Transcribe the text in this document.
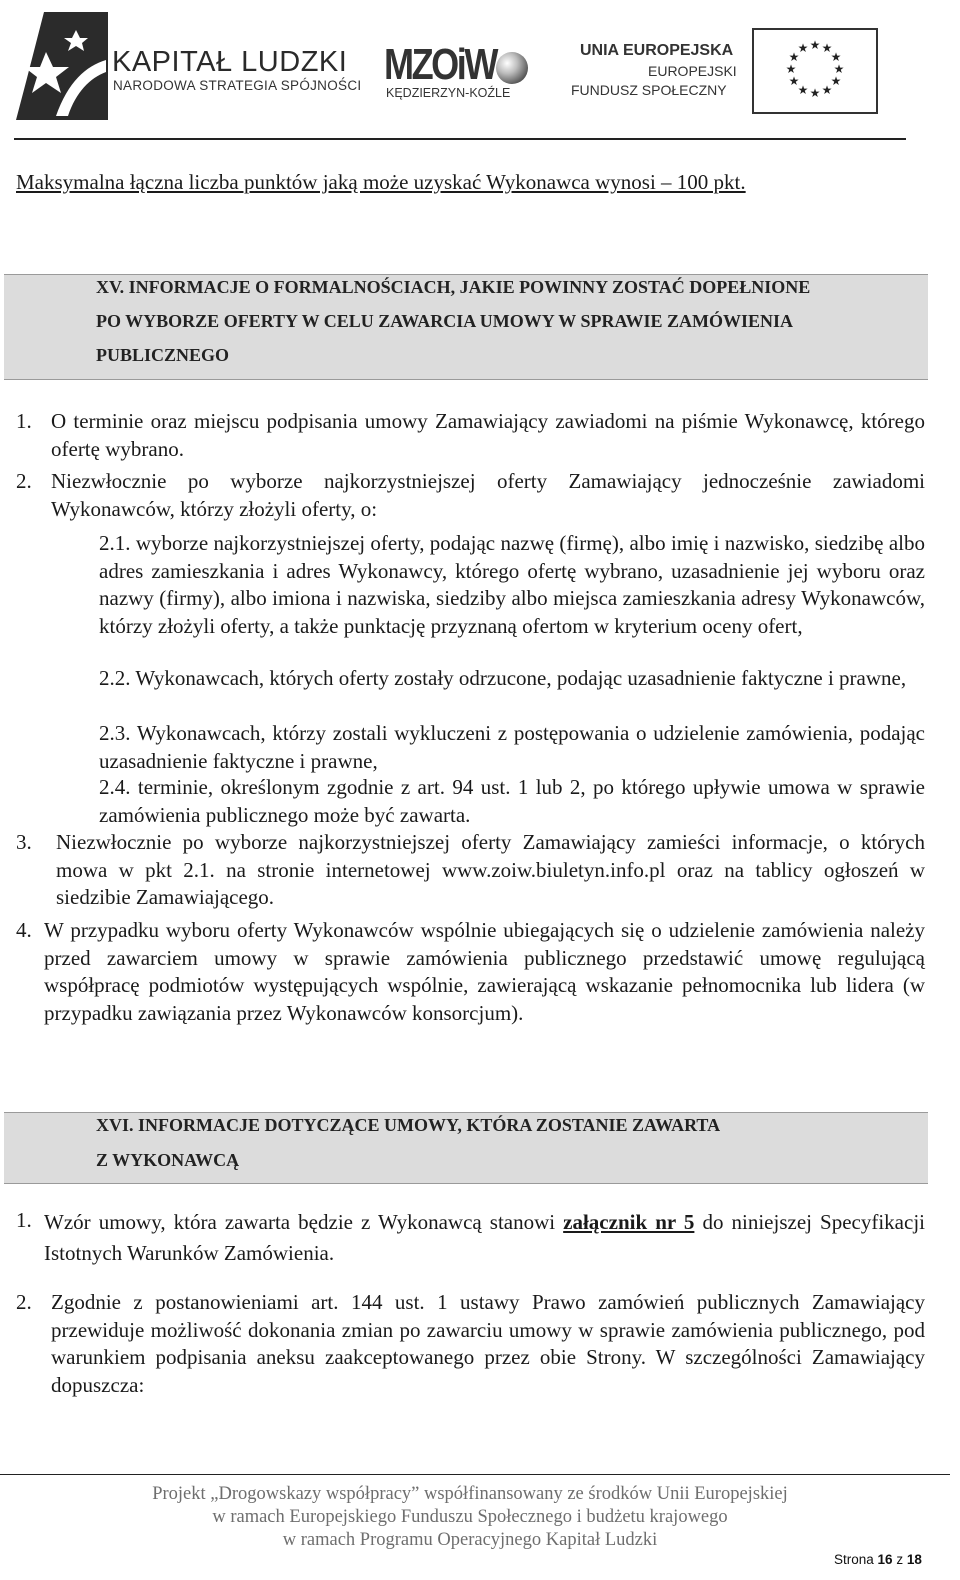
KAPITAŁ LUDZKI
NARODOWA STRATEGIA SPÓJNOŚCI MZOiW
KĘDZIERZYN-KOŹLE
UNIA EUROPEJSKA
EUROPEJSKI
FUNDUSZ SPOŁECZNY
★ ★
★
★
★
★
★
★
★
★
★
★
Maksymalna łączna liczba punktów jaką może uzyskać Wykonawca wynosi – 100 pkt.
XV. INFORMACJE O FORMALNOŚCIACH, JAKIE POWINNY ZOSTAĆ DOPEŁNIONE
PO WYBORZE OFERTY W CELU ZAWARCIA UMOWY W SPRAWIE ZAMÓWIENIA
PUBLICZNEGO
1. O terminie oraz miejscu podpisania umowy Zamawiający zawiadomi na piśmie Wykonawcę, którego ofertę wybrano.
2. Niezwłocznie po wyborze najkorzystniejszej oferty Zamawiający jednocześnie zawiadomi Wykonawców, którzy złożyli oferty, o:
2.1. wyborze najkorzystniejszej oferty, podając nazwę (firmę), albo imię i nazwisko, siedzibę albo adres zamieszkania i adres Wykonawcy, którego ofertę wybrano, uzasadnienie jej wyboru oraz nazwy (firmy), albo imiona i nazwiska, siedziby albo miejsca zamieszkania adresy Wykonawców, którzy złożyli oferty, a także punktację przyznaną ofertom w kryterium oceny ofert,
2.2. Wykonawcach, których oferty zostały odrzucone, podając uzasadnienie faktyczne i prawne,
2.3. Wykonawcach, którzy zostali wykluczeni z postępowania o udzielenie zamówienia, podając uzasadnienie faktyczne i prawne,
2.4. terminie, określonym zgodnie z art. 94 ust. 1 lub 2, po którego upływie umowa w sprawie zamówienia publicznego może być zawarta.
3. Niezwłocznie po wyborze najkorzystniejszej oferty Zamawiający zamieści informacje, o których mowa w pkt 2.1. na stronie internetowej www.zoiw.biuletyn.info.pl oraz na tablicy ogłoszeń w siedzibie Zamawiającego.
4. W przypadku wyboru oferty Wykonawców wspólnie ubiegających się o udzielenie zamówienia należy przed zawarciem umowy w sprawie zamówienia publicznego przedstawić umowę regulującą współpracę podmiotów występujących wspólnie, zawierającą wskazanie pełnomocnika lub lidera (w przypadku zawiązania przez Wykonawców konsorcjum).
XVI. INFORMACJE DOTYCZĄCE UMOWY, KTÓRA ZOSTANIE ZAWARTA
Z WYKONAWCĄ
1. Wzór umowy, która zawarta będzie z Wykonawcą stanowi załącznik nr 5 do niniejszej Specyfikacji Istotnych Warunków Zamówienia.
2. Zgodnie z postanowieniami art. 144 ust. 1 ustawy Prawo zamówień publicznych Zamawiający przewiduje możliwość dokonania zmian po zawarciu umowy w sprawie zamówienia publicznego, pod warunkiem podpisania aneksu zaakceptowanego przez obie Strony. W szczególności Zamawiający dopuszcza:
Projekt „Drogowskazy współpracy” współfinansowany ze środków Unii Europejskiej
w ramach Europejskiego Funduszu Społecznego i budżetu krajowego
w ramach Programu Operacyjnego Kapitał Ludzki
Strona 16 z 18
